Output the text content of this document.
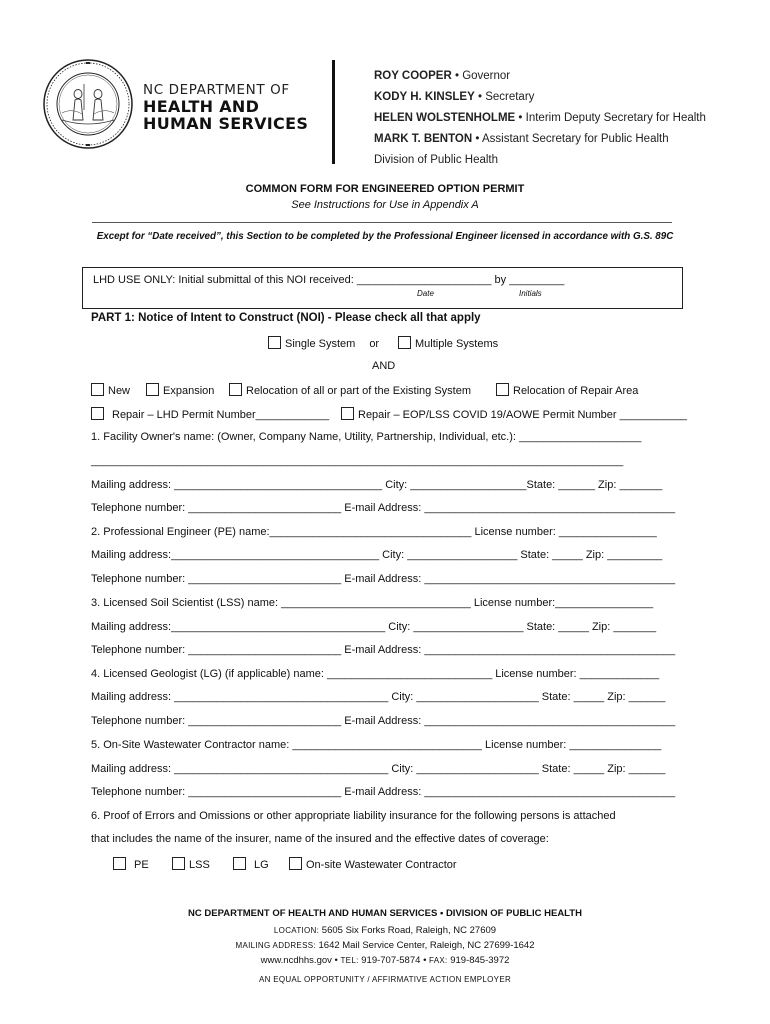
NC DEPARTMENT OF
HEALTH AND
HUMAN SERVICES
ROY COOPER • Governor
KODY H. KINSLEY • Secretary
HELEN WOLSTENHOLME • Interim Deputy Secretary for Health
MARK T. BENTON • Assistant Secretary for Public Health
Division of Public Health
COMMON FORM FOR ENGINEERED OPTION PERMIT
See Instructions for Use in Appendix A
Except for “Date received”, this Section to be completed by the Professional Engineer licensed in accordance with G.S. 89C
LHD USE ONLY: Initial submittal of this NOI received: ______________________ by _________
Date	Initials
PART 1: Notice of Intent to Construct (NOI) - Please check all that apply
Single System or	Multiple Systems
AND
New	Expansion	Relocation of all or part of the Existing System	Relocation of Repair Area
Repair – LHD Permit Number____________	Repair – EOP/LSS COVID 19/AOWE Permit Number ___________
1. Facility Owner's name: (Owner, Company Name, Utility, Partnership, Individual, etc.): ____________________
_______________________________________________________________________________________
Mailing address: __________________________________ City: ___________________State: ______ Zip: _______
Telephone number: _________________________ E-mail Address: _________________________________________
2. Professional Engineer (PE) name:_________________________________ License number: ________________
Mailing address:__________________________________ City: __________________ State: _____ Zip: _________
Telephone number: _________________________ E-mail Address: _________________________________________
3. Licensed Soil Scientist (LSS) name: _______________________________ License number:________________
Mailing address:___________________________________ City: __________________ State: _____ Zip: _______
Telephone number: _________________________ E-mail Address: _________________________________________
4. Licensed Geologist (LG) (if applicable) name: ___________________________ License number: _____________
Mailing address: ___________________________________ City: ____________________ State: _____ Zip: ______
Telephone number: _________________________ E-mail Address: _________________________________________
5. On-Site Wastewater Contractor name: _______________________________ License number: _______________
Mailing address: ___________________________________ City: ____________________ State: _____ Zip: ______
Telephone number: _________________________ E-mail Address: _________________________________________
6. Proof of Errors and Omissions or other appropriate liability insurance for the following persons is attached
that includes the name of the insurer, name of the insured and the effective dates of coverage:
PE	LSS	LG	On-site Wastewater Contractor
NC DEPARTMENT OF HEALTH AND HUMAN SERVICES • DIVISION OF PUBLIC HEALTH
LOCATION: 5605 Six Forks Road, Raleigh, NC 27609
MAILING ADDRESS: 1642 Mail Service Center, Raleigh, NC 27699-1642
www.ncdhhs.gov • TEL: 919-707-5874 • FAX: 919-845-3972
AN EQUAL OPPORTUNITY / AFFIRMATIVE ACTION EMPLOYER
